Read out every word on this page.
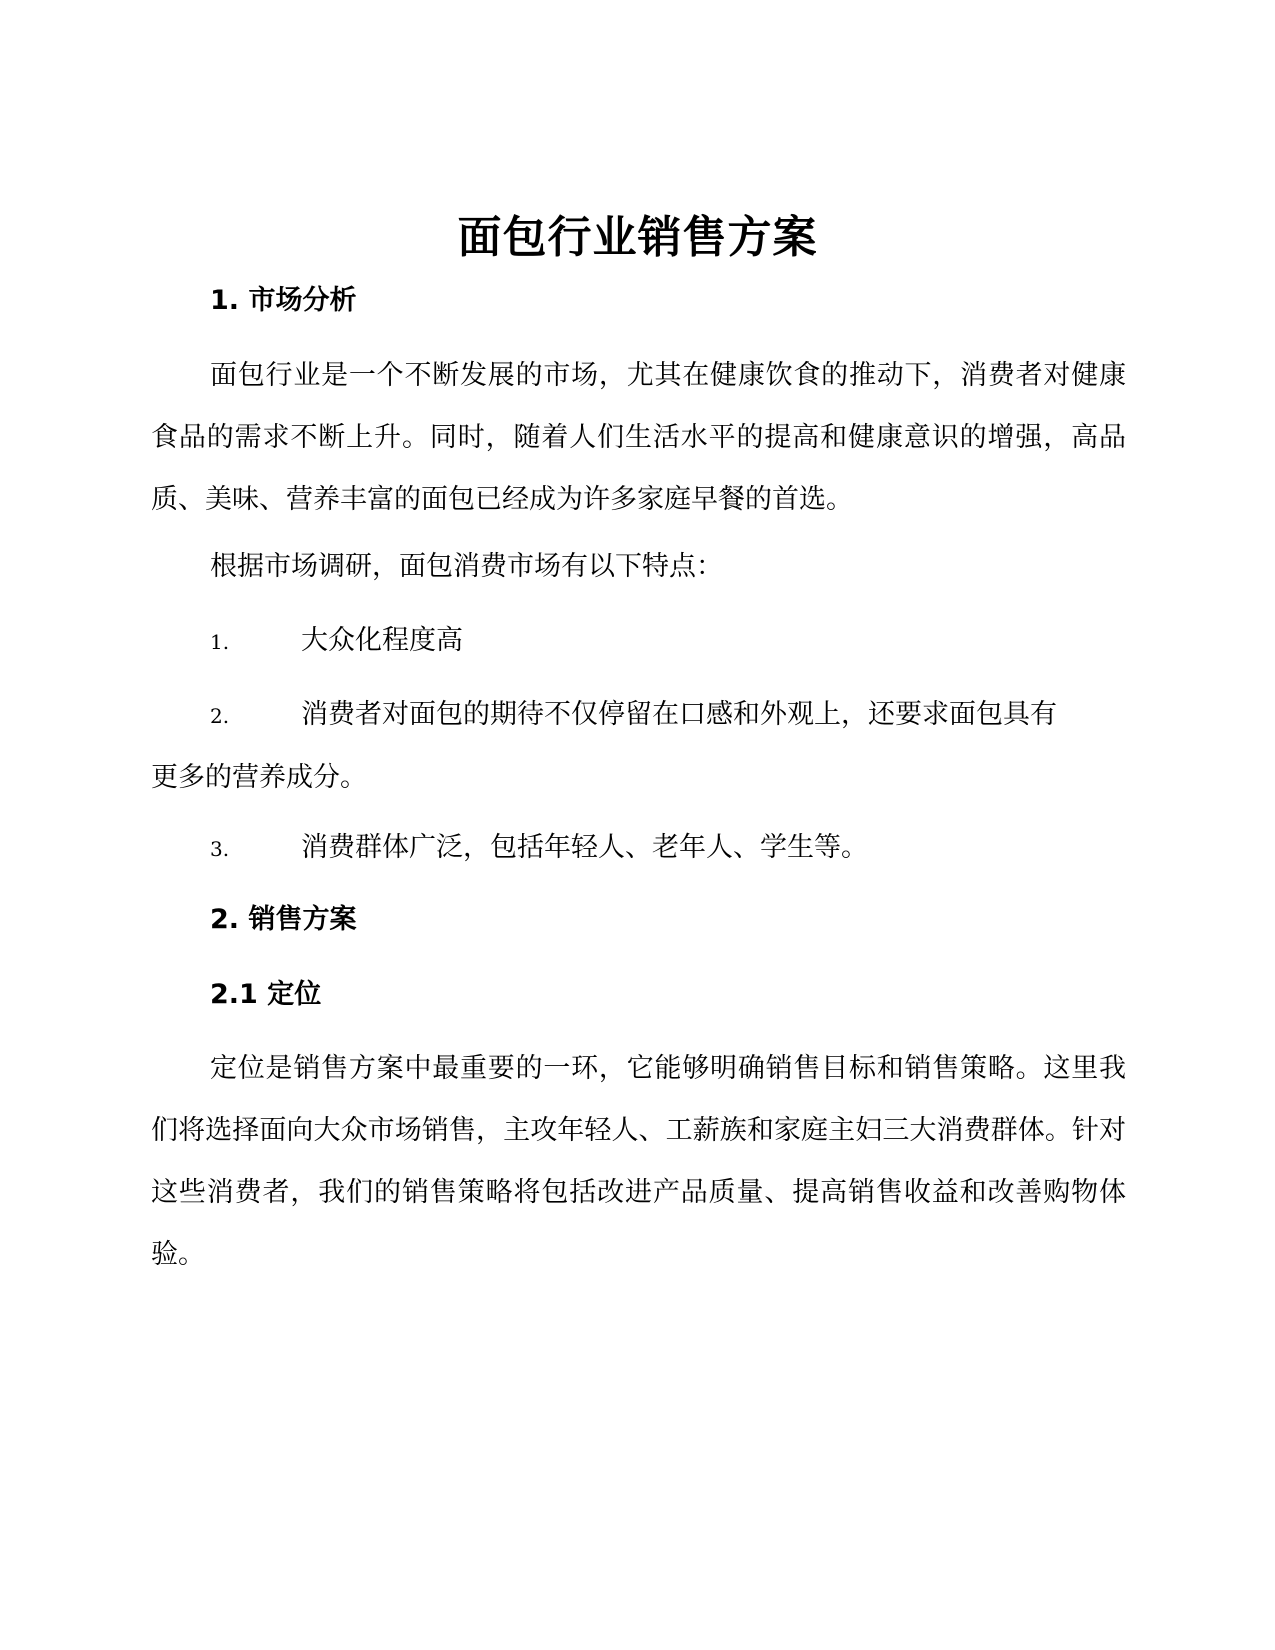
面包行业销售方案
1. 市场分析
面包行业是一个不断发展的市场，尤其在健康饮食的推动下，消费者对健康食品的需求不断上升。同时，随着人们生活水平的提高和健康意识的增强，高品质、美味、营养丰富的面包已经成为许多家庭早餐的首选。
根据市场调研，面包消费市场有以下特点：
1.	大众化程度高
2.	消费者对面包的期待不仅停留在口感和外观上，还要求面包具有
更多的营养成分。
3.	消费群体广泛，包括年轻人、老年人、学生等。
2. 销售方案
2.1 定位
定位是销售方案中最重要的一环，它能够明确销售目标和销售策略。这里我们将选择面向大众市场销售，主攻年轻人、工薪族和家庭主妇三大消费群体。针对这些消费者，我们的销售策略将包括改进产品质量、提高销售收益和改善购物体验。
